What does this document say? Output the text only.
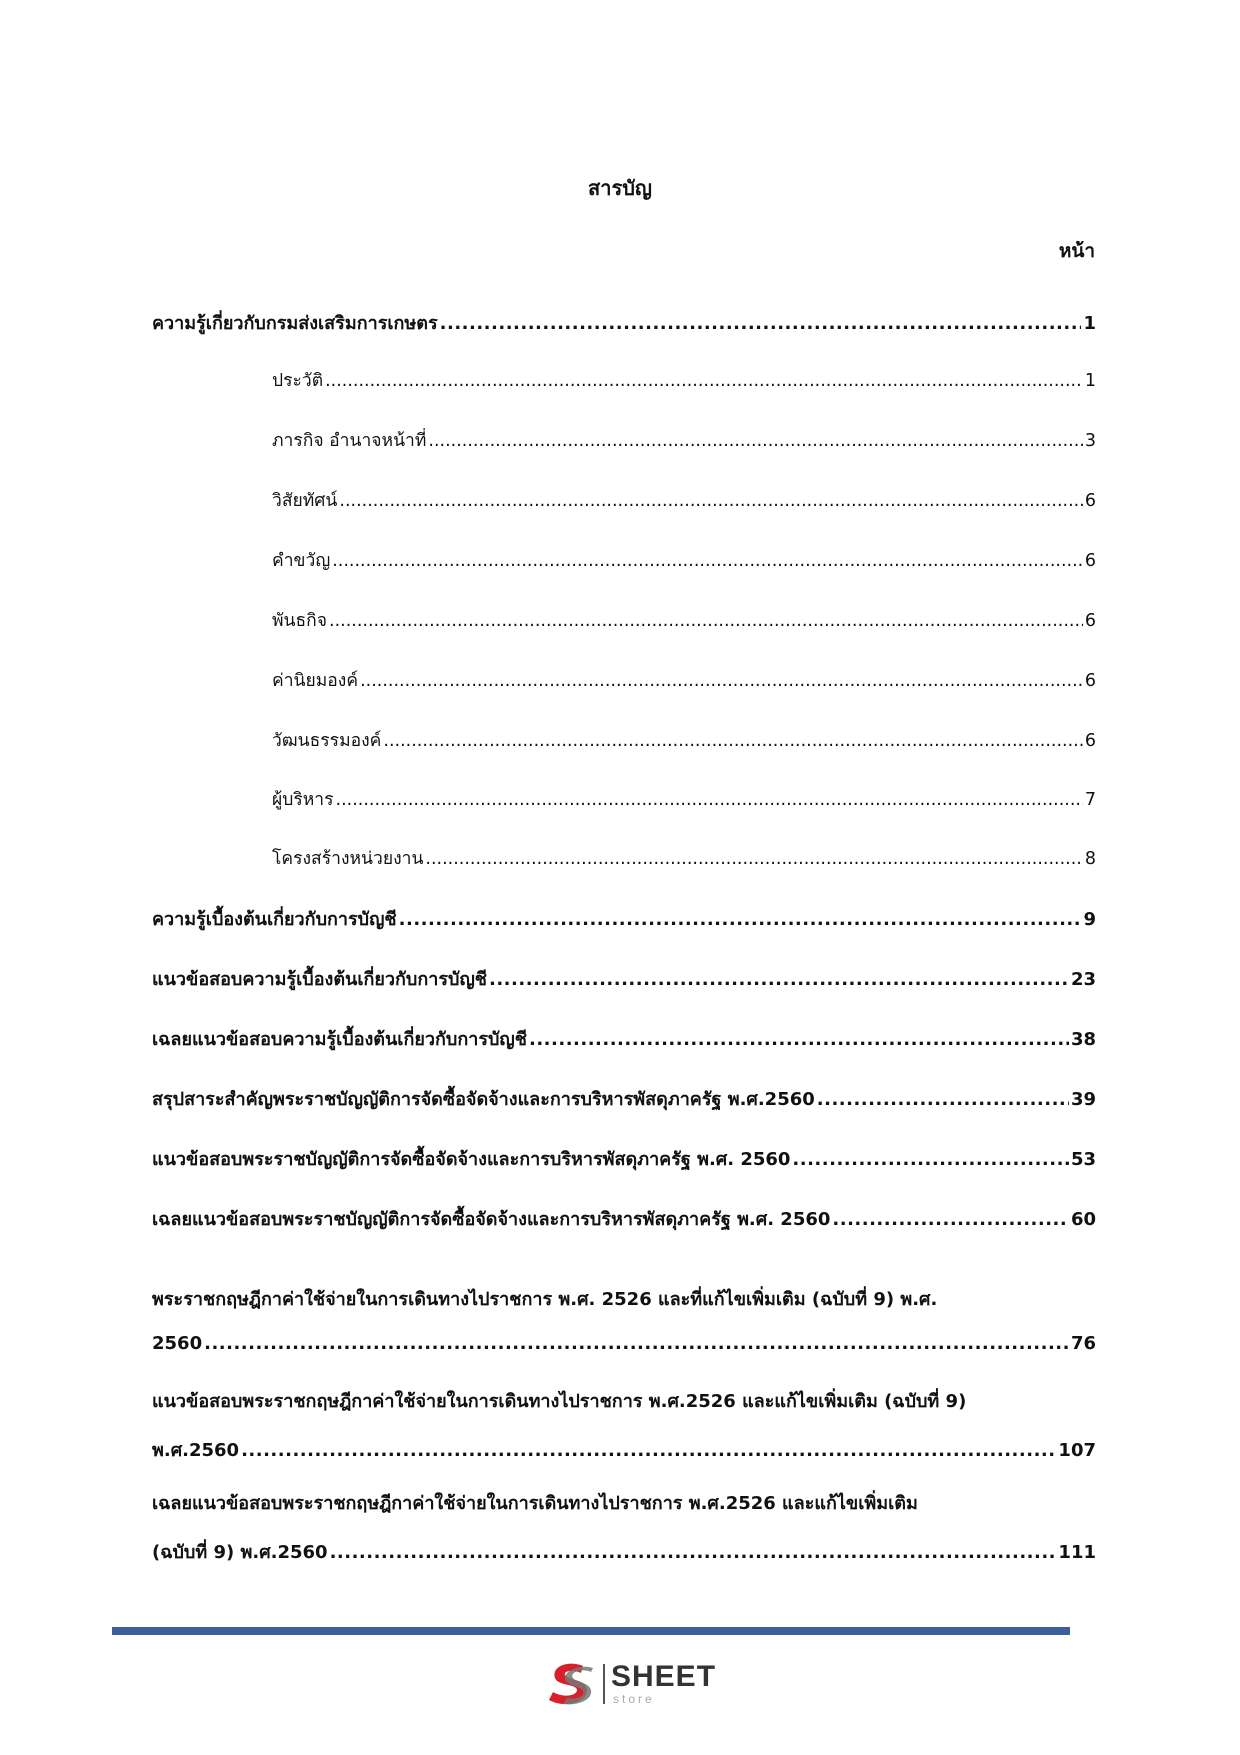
สารบัญ
หน้า
ความรู้เกี่ยวกับกรมส่งเสริมการเกษตร .....	1
ประวัติ .....	1
ภารกิจ อำนาจหน้าที่ .....	3
วิสัยทัศน์ .....	6
คำขวัญ .....	6
พันธกิจ .....	6
ค่านิยมองค์ .....	6
วัฒนธรรมองค์ .....	6
ผู้บริหาร .....	7
โครงสร้างหน่วยงาน .....	8
ความรู้เบื้องต้นเกี่ยวกับการบัญชี .....	9
แนวข้อสอบความรู้เบื้องต้นเกี่ยวกับการบัญชี .....	23
เฉลยแนวข้อสอบความรู้เบื้องต้นเกี่ยวกับการบัญชี .....	38
สรุปสาระสำคัญพระราชบัญญัติการจัดซื้อจัดจ้างและการบริหารพัสดุภาครัฐ พ.ศ.2560 .....	39
แนวข้อสอบพระราชบัญญัติการจัดซื้อจัดจ้างและการบริหารพัสดุภาครัฐ พ.ศ. 2560 .....	53
เฉลยแนวข้อสอบพระราชบัญญัติการจัดซื้อจัดจ้างและการบริหารพัสดุภาครัฐ พ.ศ. 2560 .....	60
พระราชกฤษฎีกาค่าใช้จ่ายในการเดินทางไปราชการ พ.ศ. 2526 และที่แก้ไขเพิ่มเติม (ฉบับที่ 9) พ.ศ.
2560 .....	76
แนวข้อสอบพระราชกฤษฎีกาค่าใช้จ่ายในการเดินทางไปราชการ พ.ศ.2526 และแก้ไขเพิ่มเติม (ฉบับที่ 9)
พ.ศ.2560 .....	107
เฉลยแนวข้อสอบพระราชกฤษฎีกาค่าใช้จ่ายในการเดินทางไปราชการ พ.ศ.2526 และแก้ไขเพิ่มเติม
(ฉบับที่ 9) พ.ศ.2560 .....	111
SHEET
store
